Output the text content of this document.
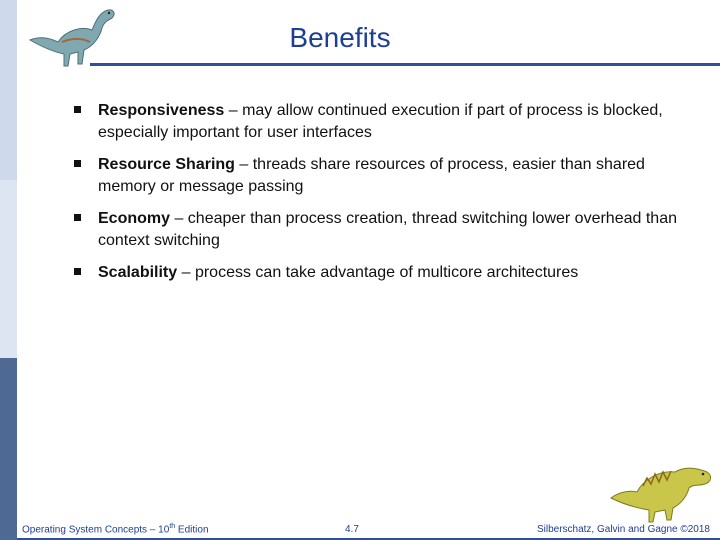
Benefits
Responsiveness – may allow continued execution if part of process is blocked, especially important for user interfaces
Resource Sharing – threads share resources of process, easier than shared memory or message passing
Economy – cheaper than process creation, thread switching lower overhead than context switching
Scalability – process can take advantage of multicore architectures
Operating System Concepts – 10th Edition	4.7	Silberschatz, Galvin and Gagne ©2018
